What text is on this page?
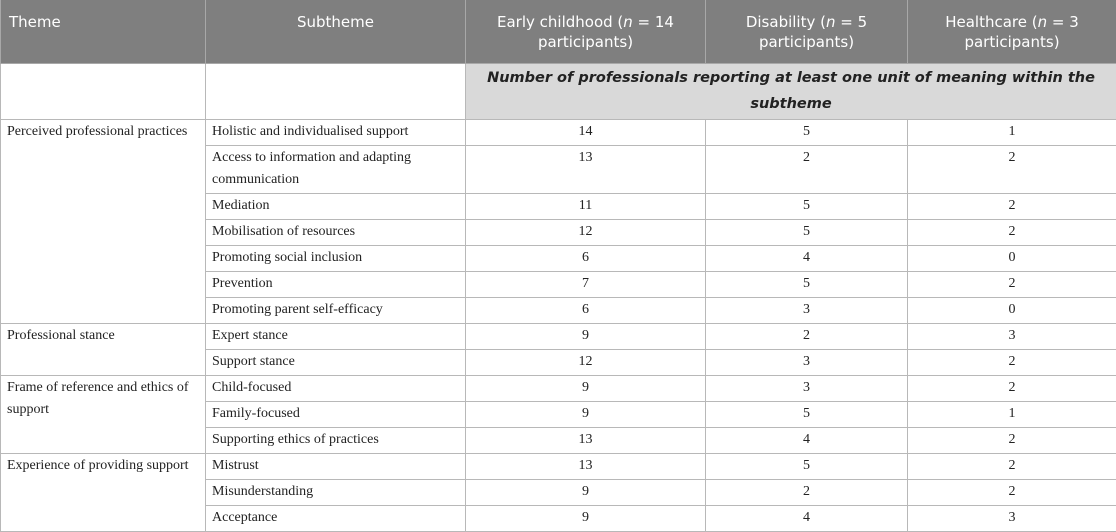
Theme	Subtheme	Early childhood (n = 14 participants)	Disability (n = 5 participants)	Healthcare (n = 3 participants)
		Number of professionals reporting at least one unit of meaning within the subtheme		
Perceived professional practices	Holistic and individualised support	14	5	1
	Access to information and adapting communication	13	2	2
	Mediation	11	5	2
	Mobilisation of resources	12	5	2
	Promoting social inclusion	6	4	0
	Prevention	7	5	2
	Promoting parent self-efficacy	6	3	0
Professional stance	Expert stance	9	2	3
	Support stance	12	3	2
Frame of reference and ethics of support	Child-focused	9	3	2
	Family-focused	9	5	1
	Supporting ethics of practices	13	4	2
Experience of providing support	Mistrust	13	5	2
	Misunderstanding	9	2	2
	Acceptance	9	4	3
